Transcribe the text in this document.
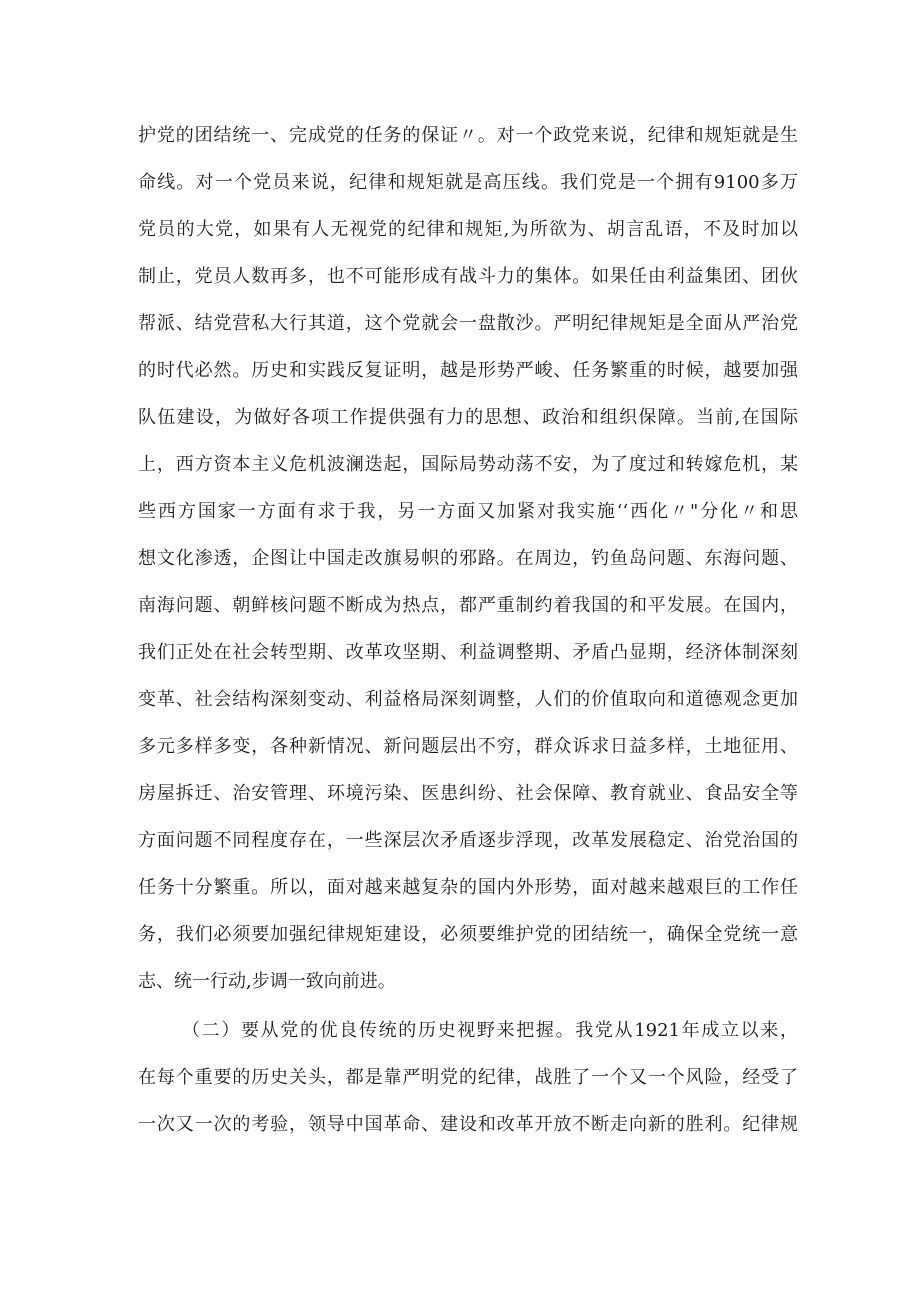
护党的团结统一、完成党的任务的保证〃。对一个政党来说，纪律和规矩就是生
命线。对一个党员来说，纪律和规矩就是高压线。我们党是一个拥有9100多万
党员的大党，如果有人无视党的纪律和规矩,为所欲为、胡言乱语，不及时加以
制止，党员人数再多，也不可能形成有战斗力的集体。如果任由利益集团、团伙
帮派、结党营私大行其道，这个党就会一盘散沙。严明纪律规矩是全面从严治党
的时代必然。历史和实践反复证明，越是形势严峻、任务繁重的时候，越要加强
队伍建设，为做好各项工作提供强有力的思想、政治和组织保障。当前,在国际
上，西方资本主义危机波澜迭起，国际局势动荡不安，为了度过和转嫁危机，某
些西方国家一方面有求于我，另一方面又加紧对我实施‘‘西化〃"分化〃和思
想文化渗透，企图让中国走改旗易帜的邪路。在周边，钓鱼岛问题、东海问题、
南海问题、朝鲜核问题不断成为热点，都严重制约着我国的和平发展。在国内，
我们正处在社会转型期、改革攻坚期、利益调整期、矛盾凸显期，经济体制深刻
变革、社会结构深刻变动、利益格局深刻调整，人们的价值取向和道德观念更加
多元多样多变，各种新情况、新问题层出不穷，群众诉求日益多样，土地征用、
房屋拆迁、治安管理、环境污染、医患纠纷、社会保障、教育就业、食品安全等
方面问题不同程度存在，一些深层次矛盾逐步浮现，改革发展稳定、治党治国的
任务十分繁重。所以，面对越来越复杂的国内外形势，面对越来越艰巨的工作任
务，我们必须要加强纪律规矩建设，必须要维护党的团结统一，确保全党统一意
志、统一行动,步调一致向前进。
（二）要从党的优良传统的历史视野来把握。我党从1921年成立以来，
在每个重要的历史关头，都是靠严明党的纪律，战胜了一个又一个风险，经受了
一次又一次的考验，领导中国革命、建设和改革开放不断走向新的胜利。纪律规
